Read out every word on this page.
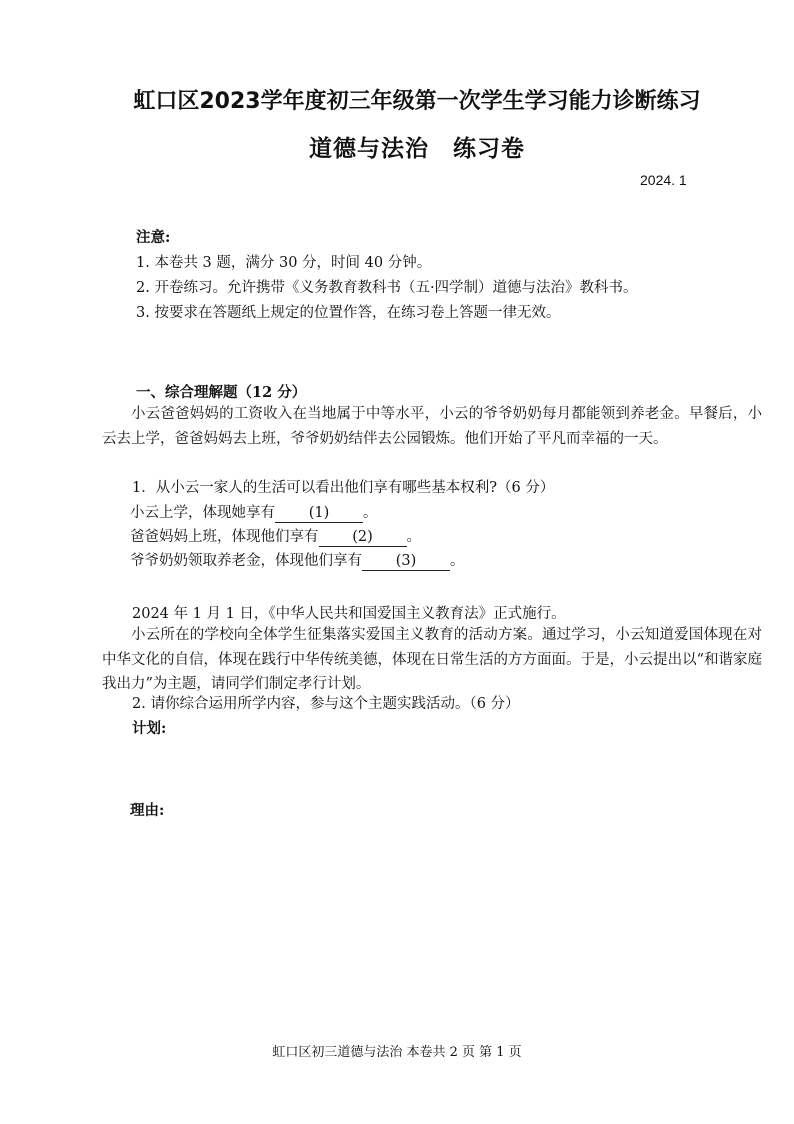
虹口区2023学年度初三年级第一次学生学习能力诊断练习
道德与法治　练习卷
2024. 1
注意:
1. 本卷共 3 题，满分 30 分，时间 40 分钟。
2. 开卷练习。允许携带《义务教育教科书（五·四学制）道德与法治》教科书。
3. 按要求在答题纸上规定的位置作答，在练习卷上答题一律无效。
一、综合理解题（12 分）
小云爸爸妈妈的工资收入在当地属于中等水平，小云的爷爷奶奶每月都能领到养老金。早餐后，小云去上学，爸爸妈妈去上班，爷爷奶奶结伴去公园锻炼。他们开始了平凡而幸福的一天。
1．从小云一家人的生活可以看出他们享有哪些基本权利?（6 分）
小云上学，体现她享有 (1) 。
爸爸妈妈上班，体现他们享有 (2) 。
爷爷奶奶领取养老金，体现他们享有 (3) 。
2024 年 1 月 1 日，《中华人民共和国爱国主义教育法》正式施行。
小云所在的学校向全体学生征集落实爱国主义教育的活动方案。通过学习，小云知道爱国体现在对中华文化的自信，体现在践行中华传统美德，体现在日常生活的方方面面。于是，小云提出以“和谐家庭我出力”为主题，请同学们制定孝行计划。
2. 请你综合运用所学内容，参与这个主题实践活动。（6 分）
计划:
理由:
虹口区初三道德与法治 本卷共 2 页 第 1 页
